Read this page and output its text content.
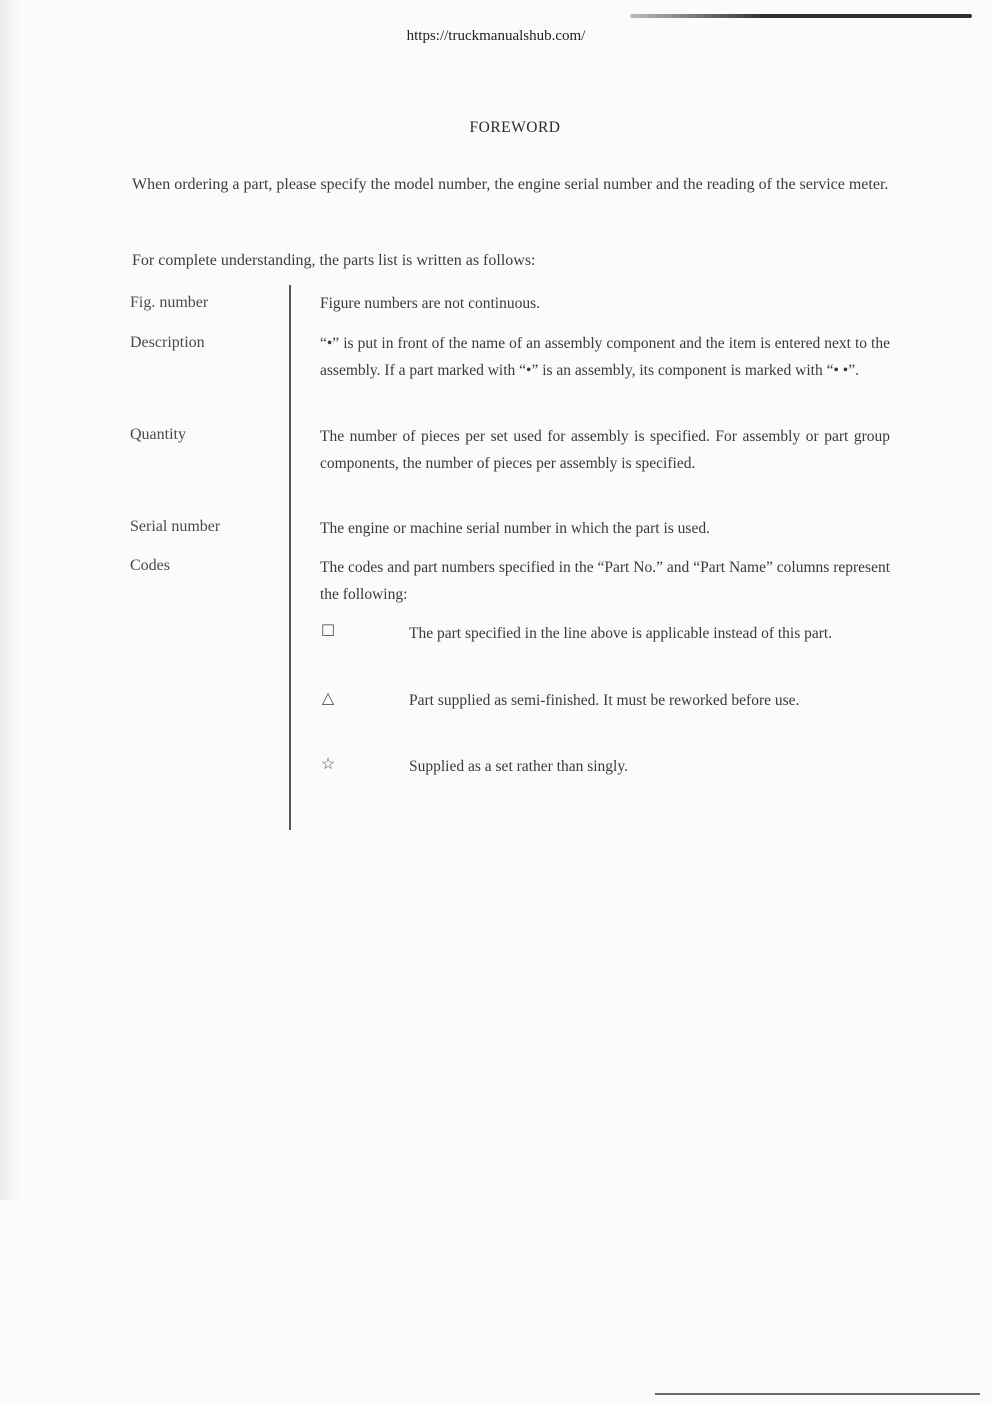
https://truckmanualshub.com/
FOREWORD
When ordering a part, please specify the model number, the engine serial number and the reading of the service meter.
For complete understanding, the parts list is written as follows:
Fig. number	Figure numbers are not continuous.
Description	“•” is put in front of the name of an assembly component and the item is entered next to the assembly. If a part marked with “•” is an assembly, its component is marked with “• •”.
Quantity	The number of pieces per set used for assembly is specified. For assembly or part group components, the number of pieces per assembly is specified.
Serial number	The engine or machine serial number in which the part is used.
Codes	The codes and part numbers specified in the “Part No.” and “Part Name” columns represent the following:
☐	The part specified in the line above is applicable instead of this part.
△	Part supplied as semi-finished. It must be reworked before use.
☆	Supplied as a set rather than singly.
